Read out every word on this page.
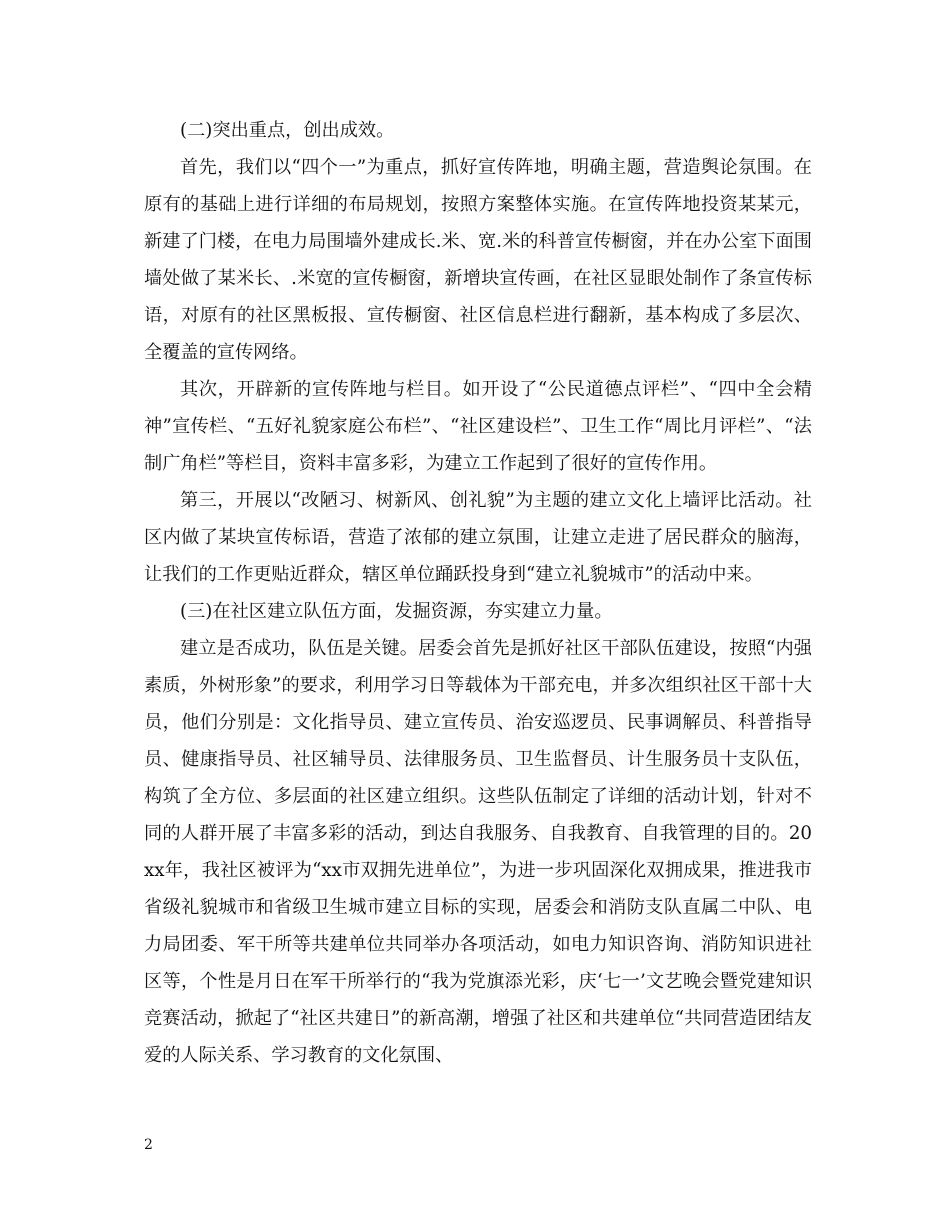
(二)突出重点，创出成效。

首先，我们以“四个一”为重点，抓好宣传阵地，明确主题，营造舆论氛围。在原有的基础上进行详细的布局规划，按照方案整体实施。在宣传阵地投资某某元，新建了门楼，在电力局围墙外建成长.米、宽.米的科普宣传橱窗，并在办公室下面围墙处做了某米长、.米宽的宣传橱窗，新增块宣传画，在社区显眼处制作了条宣传标语，对原有的社区黑板报、宣传橱窗、社区信息栏进行翻新，基本构成了多层次、全覆盖的宣传网络。

其次，开辟新的宣传阵地与栏目。如开设了“公民道德点评栏”、“四中全会精神”宣传栏、“五好礼貌家庭公布栏”、“社区建设栏”、卫生工作“周比月评栏”、“法制广角栏”等栏目，资料丰富多彩，为建立工作起到了很好的宣传作用。

第三，开展以“改陋习、树新风、创礼貌”为主题的建立文化上墙评比活动。社区内做了某块宣传标语，营造了浓郁的建立氛围，让建立走进了居民群众的脑海，让我们的工作更贴近群众，辖区单位踊跃投身到“建立礼貌城市”的活动中来。

(三)在社区建立队伍方面，发掘资源，夯实建立力量。

建立是否成功，队伍是关键。居委会首先是抓好社区干部队伍建设，按照“内强素质，外树形象”的要求，利用学习日等载体为干部充电，并多次组织社区干部十大员，他们分别是：文化指导员、建立宣传员、治安巡逻员、民事调解员、科普指导员、健康指导员、社区辅导员、法律服务员、卫生监督员、计生服务员十支队伍，构筑了全方位、多层面的社区建立组织。这些队伍制定了详细的活动计划，针对不同的人群开展了丰富多彩的活动，到达自我服务、自我教育、自我管理的目的。20xx年，我社区被评为“xx市双拥先进单位”，为进一步巩固深化双拥成果，推进我市省级礼貌城市和省级卫生城市建立目标的实现，居委会和消防支队直属二中队、电力局团委、军干所等共建单位共同举办各项活动，如电力知识咨询、消防知识进社区等，个性是月日在军干所举行的“我为党旗添光彩，庆‘七一’文艺晚会暨党建知识竞赛活动，掀起了“社区共建日”的新高潮，增强了社区和共建单位“共同营造团结友爱的人际关系、学习教育的文化氛围、

2
